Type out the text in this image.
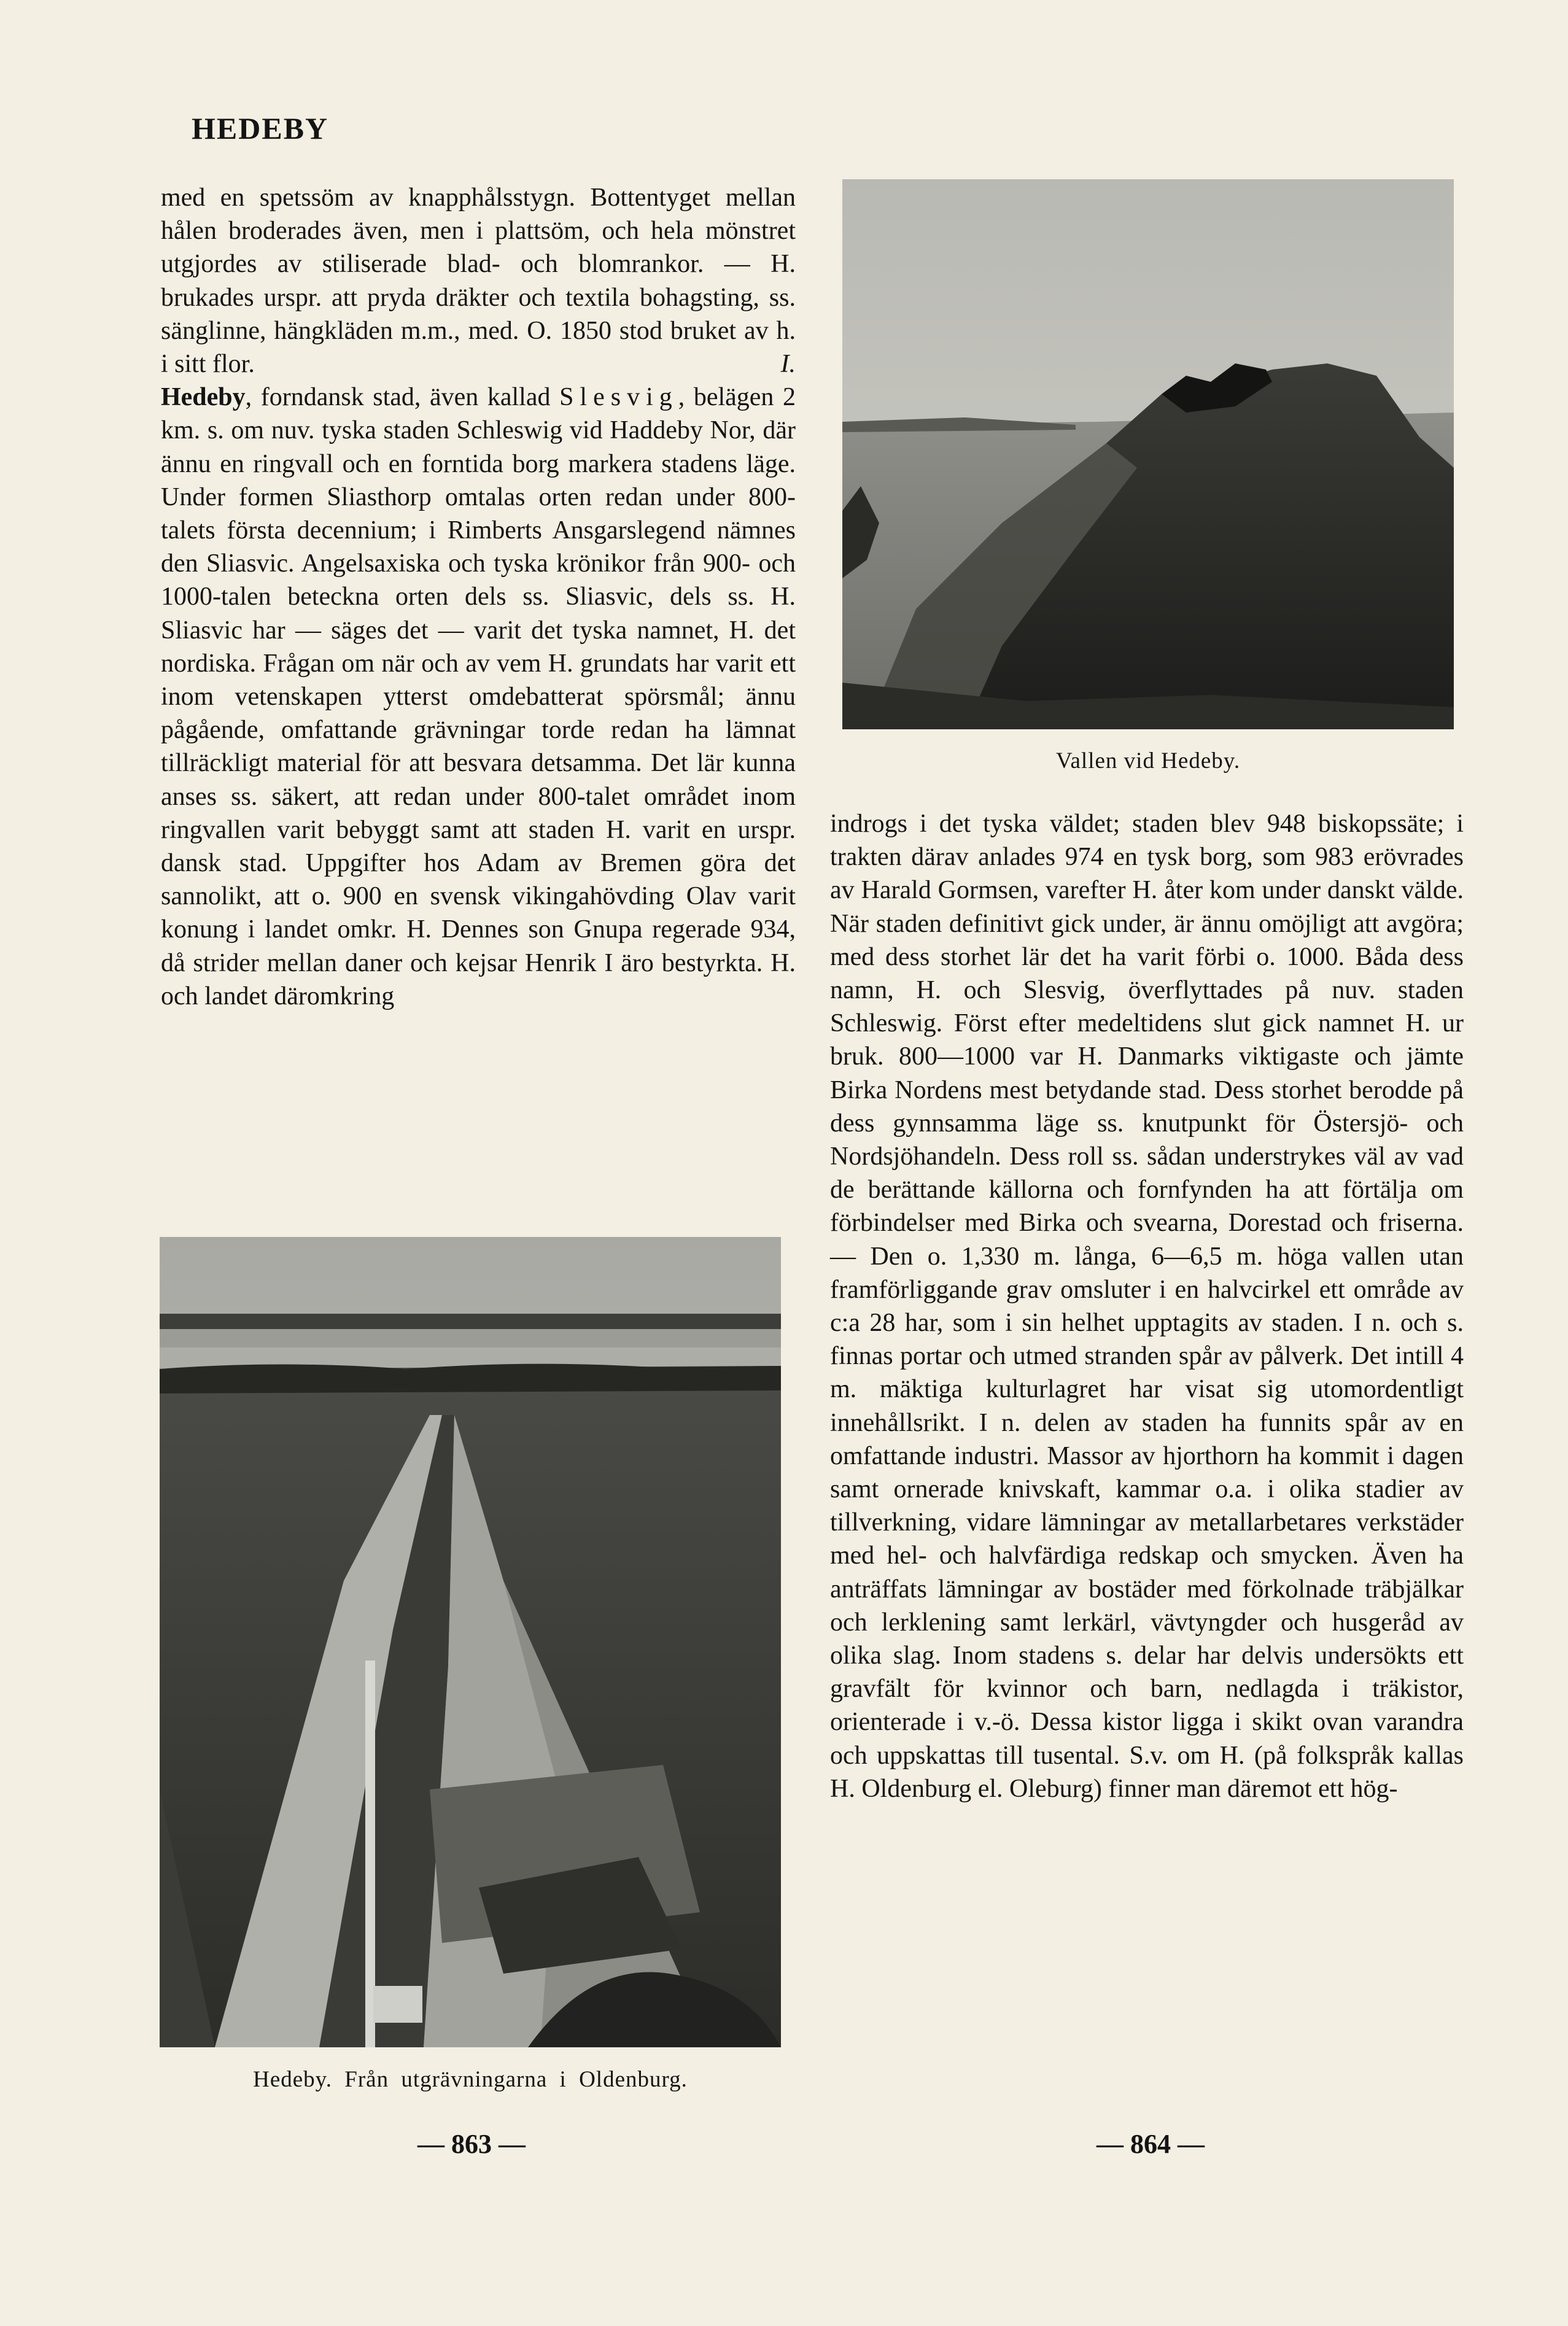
HEDEBY

med en spetssöm av knapphålsstygn. Bottentyget mellan hålen broderades även, men i plattsöm, och hela mönstret utgjordes av stiliserade blad- och blomrankor. — H. brukades urspr. att pryda dräkter och textila bohagsting, ss. sänglinne, hängkläden m.m., med. O. 1850 stod bruket av h. i sitt flor.	I.

Hedeby, forndansk stad, även kallad Slesvig, belägen 2 km. s. om nuv. tyska staden Schleswig vid Haddeby Nor, där ännu en ringvall och en forntida borg markera stadens läge. Under formen Sliasthorp omtalas orten redan under 800-talets första decennium; i Rimberts Ansgarslegend nämnes den Sliasvic. Angelsaxiska och tyska krönikor från 900- och 1000-talen beteckna orten dels ss. Sliasvic, dels ss. H. Sliasvic har — säges det — varit det tyska namnet, H. det nordiska. Frågan om när och av vem H. grundats har varit ett inom vetenskapen ytterst omdebatterat spörsmål; ännu pågående, omfattande grävningar torde redan ha lämnat tillräckligt material för att besvara detsamma. Det lär kunna anses ss. säkert, att redan under 800-talet området inom ringvallen varit bebyggt samt att staden H. varit en urspr. dansk stad. Uppgifter hos Adam av Bremen göra det sannolikt, att o. 900 en svensk vikingahövding Olav varit konung i landet omkr. H. Dennes son Gnupa regerade 934, då strider mellan daner och kejsar Henrik I äro bestyrkta. H. och landet däromkring

Vallen vid Hedeby.
Hedeby. Från utgrävningarna i Oldenburg.

indrogs i det tyska väldet; staden blev 948 biskopssäte; i trakten därav anlades 974 en tysk borg, som 983 erövrades av Harald Gormsen, varefter H. åter kom under danskt välde. När staden definitivt gick under, är ännu omöjligt att avgöra; med dess storhet lär det ha varit förbi o. 1000. Båda dess namn, H. och Slesvig, överflyttades på nuv. staden Schleswig. Först efter medeltidens slut gick namnet H. ur bruk. 800—1000 var H. Danmarks viktigaste och jämte Birka Nordens mest betydande stad. Dess storhet berodde på dess gynnsamma läge ss. knutpunkt för Östersjö- och Nordsjöhandeln. Dess roll ss. sådan understrykes väl av vad de berättande källorna och fornfynden ha att förtälja om förbindelser med Birka och svearna, Dorestad och friserna. — Den o. 1,330 m. långa, 6—6,5 m. höga vallen utan framförliggande grav omsluter i en halvcirkel ett område av c:a 28 har, som i sin helhet upptagits av staden. I n. och s. finnas portar och utmed stranden spår av pålverk. Det intill 4 m. mäktiga kulturlagret har visat sig utomordentligt innehållsrikt. I n. delen av staden ha funnits spår av en omfattande industri. Massor av hjorthorn ha kommit i dagen samt ornerade knivskaft, kammar o.a. i olika stadier av tillverkning, vidare lämningar av metallarbetares verkstäder med hel- och halvfärdiga redskap och smycken. Även ha anträffats lämningar av bostäder med förkolnade träbjälkar och lerklening samt lerkärl, vävtyngder och husgeråd av olika slag. Inom stadens s. delar har delvis undersökts ett gravfält för kvinnor och barn, nedlagda i träkistor, orienterade i v.-ö. Dessa kistor ligga i skikt ovan varandra och uppskattas till tusental. S.v. om H. (på folkspråk kallas H. Oldenburg el. Oleburg) finner man däremot ett hög-

— 863 —	— 864 —
